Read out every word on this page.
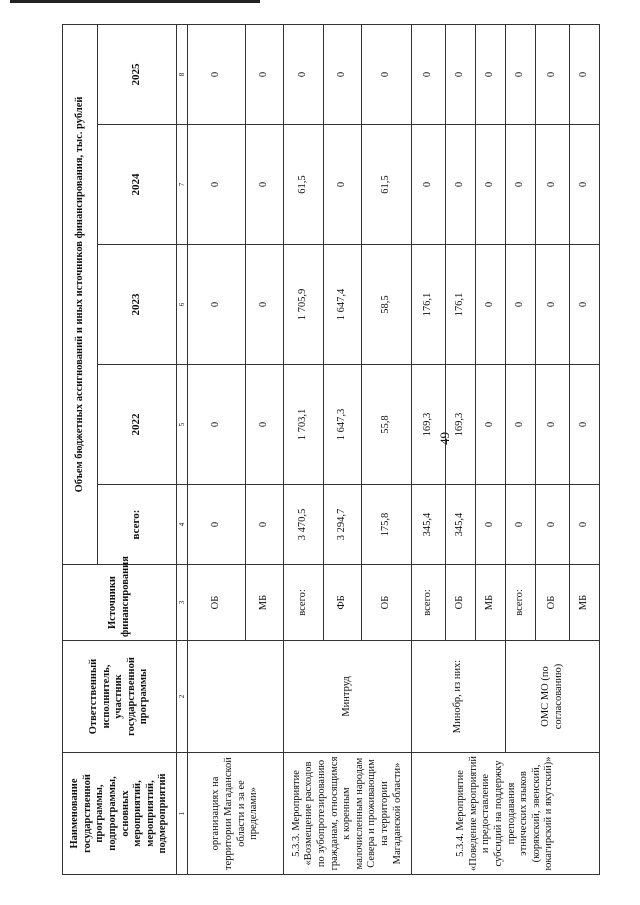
49
Наименование государственной программы, подпрограммы, основных мероприятий, мероприятий, подмероприятий	Ответственный исполнитель, участник государственной программы	Источники финансирования	Объем бюджетных ассигнований и иных источников финансирования, тыс. рублей				
			всего:	2022	2023	2024	2025
1	2	3	4	5	6	7	8
организациях на территории Магаданской области и за ее пределами»		ОБ	0	0	0	0	0
		МБ	0	0	0	0	0
5.3.3. Мероприятие «Возмещение расходов по зубопротезированию гражданам, относящимся к коренным малочисленным народам Севера и проживающим на территории Магаданской области»	Минтруд	всего:	3 470,5	1 703,1	1 705,9	61,5	0
		ФБ	3 294,7	1 647,3	1 647,4	0	0
		ОБ	175,8	55,8	58,5	61,5	0
5.3.4. Мероприятие «Поведение мероприятий и предоставление субсидий на поддержку преподавания этнических языков (корякский, эвенский, юкагирский и якутский)»	Минобр, из них:	всего:	345,4	169,3	176,1	0	0
		ОБ	345,4	169,3	176,1	0	0
		МБ	0	0	0	0	0
	ОМС МО (по согласованию)	всего:	0	0	0	0	0
		ОБ	0	0	0	0	0
		МБ	0	0	0	0	0
